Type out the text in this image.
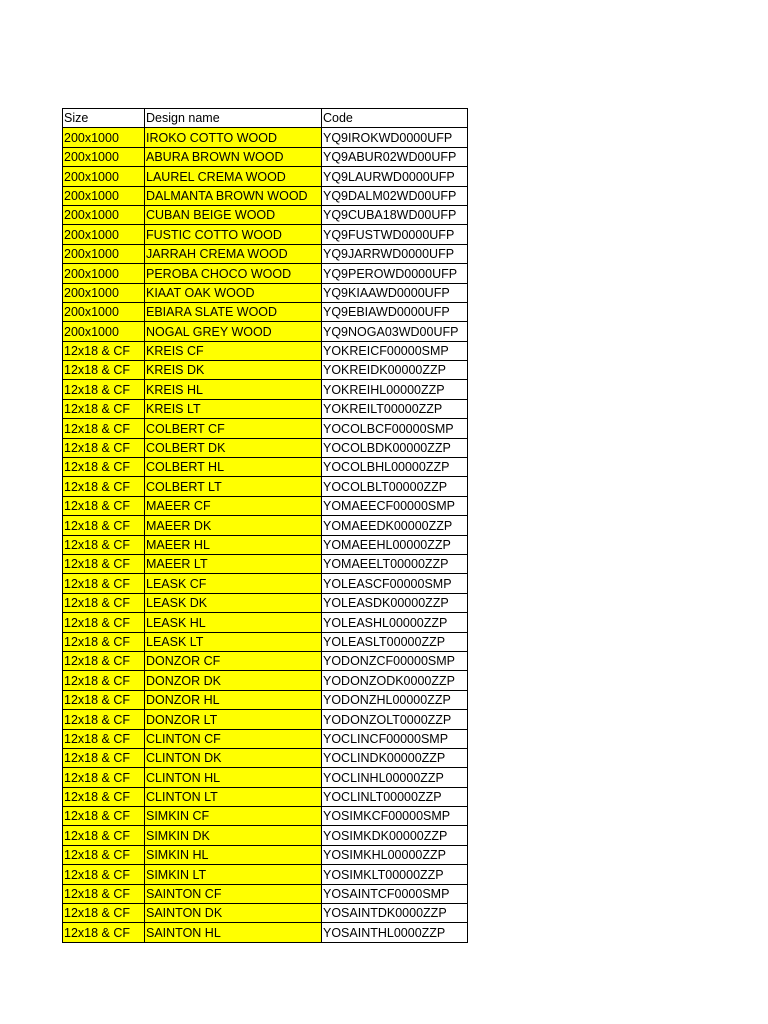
Size	Design name	Code
200x1000	IROKO COTTO WOOD	YQ9IROKWD0000UFP
200x1000	ABURA BROWN WOOD	YQ9ABUR02WD00UFP
200x1000	LAUREL CREMA WOOD	YQ9LAURWD0000UFP
200x1000	DALMANTA BROWN WOOD	YQ9DALM02WD00UFP
200x1000	CUBAN BEIGE WOOD	YQ9CUBA18WD00UFP
200x1000	FUSTIC COTTO WOOD	YQ9FUSTWD0000UFP
200x1000	JARRAH CREMA WOOD	YQ9JARRWD0000UFP
200x1000	PEROBA CHOCO WOOD	YQ9PEROWD0000UFP
200x1000	KIAAT OAK WOOD	YQ9KIAAWD0000UFP
200x1000	EBIARA SLATE WOOD	YQ9EBIAWD0000UFP
200x1000	NOGAL GREY WOOD	YQ9NOGA03WD00UFP
12x18 & CF	KREIS CF	YOKREICF00000SMP
12x18 & CF	KREIS DK	YOKREIDK00000ZZP
12x18 & CF	KREIS HL	YOKREIHL00000ZZP
12x18 & CF	KREIS LT	YOKREILT00000ZZP
12x18 & CF	COLBERT CF	YOCOLBCF00000SMP
12x18 & CF	COLBERT DK	YOCOLBDK00000ZZP
12x18 & CF	COLBERT HL	YOCOLBHL00000ZZP
12x18 & CF	COLBERT LT	YOCOLBLT00000ZZP
12x18 & CF	MAEER CF	YOMAEECF00000SMP
12x18 & CF	MAEER DK	YOMAEEDK00000ZZP
12x18 & CF	MAEER HL	YOMAEEHL00000ZZP
12x18 & CF	MAEER LT	YOMAEELT00000ZZP
12x18 & CF	LEASK CF	YOLEASCF00000SMP
12x18 & CF	LEASK DK	YOLEASDK00000ZZP
12x18 & CF	LEASK HL	YOLEASHL00000ZZP
12x18 & CF	LEASK LT	YOLEASLT00000ZZP
12x18 & CF	DONZOR CF	YODONZCF00000SMP
12x18 & CF	DONZOR DK	YODONZODK0000ZZP
12x18 & CF	DONZOR HL	YODONZHL00000ZZP
12x18 & CF	DONZOR LT	YODONZOLT0000ZZP
12x18 & CF	CLINTON CF	YOCLINCF00000SMP
12x18 & CF	CLINTON DK	YOCLINDK00000ZZP
12x18 & CF	CLINTON HL	YOCLINHL00000ZZP
12x18 & CF	CLINTON LT	YOCLINLT00000ZZP
12x18 & CF	SIMKIN CF	YOSIMKCF00000SMP
12x18 & CF	SIMKIN DK	YOSIMKDK00000ZZP
12x18 & CF	SIMKIN HL	YOSIMKHL00000ZZP
12x18 & CF	SIMKIN LT	YOSIMKLT00000ZZP
12x18 & CF	SAINTON CF	YOSAINTCF0000SMP
12x18 & CF	SAINTON DK	YOSAINTDK0000ZZP
12x18 & CF	SAINTON HL	YOSAINTHL0000ZZP
